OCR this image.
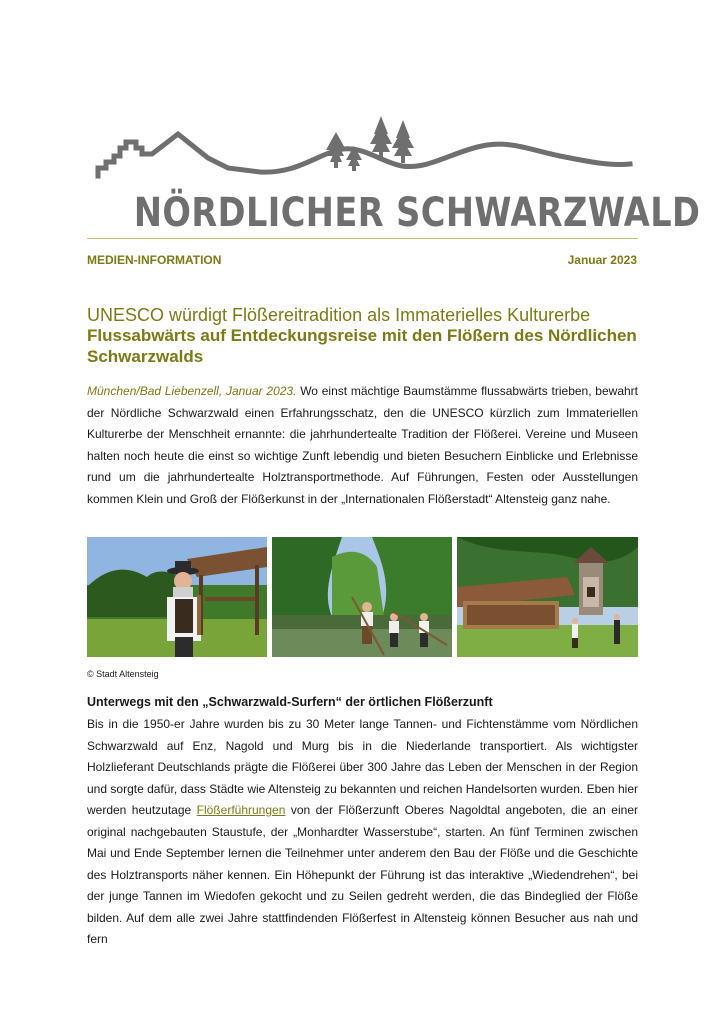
NÖRDLICHER SCHWARZWALD
MEDIEN-INFORMATION	Januar 2023
UNESCO würdigt Flößereitradition als Immaterielles Kulturerbe
Flussabwärts auf Entdeckungsreise mit den Flößern des Nördlichen Schwarzwalds
München/Bad Liebenzell, Januar 2023. Wo einst mächtige Baumstämme flussabwärts trieben, bewahrt der Nördliche Schwarzwald einen Erfahrungsschatz, den die UNESCO kürzlich zum Immateriellen Kulturerbe der Menschheit ernannte: die jahrhundertealte Tradition der Flößerei. Vereine und Museen halten noch heute die einst so wichtige Zunft lebendig und bieten Besuchern Einblicke und Erlebnisse rund um die jahrhundertealte Holztransportmethode. Auf Führungen, Festen oder Ausstellungen kommen Klein und Groß der Flößerkunst in der „Internationalen Flößerstadt“ Altensteig ganz nahe.
© Stadt Altensteig
Unterwegs mit den „Schwarzwald-Surfern“ der örtlichen Flößerzunft
Bis in die 1950-er Jahre wurden bis zu 30 Meter lange Tannen- und Fichtenstämme vom Nördlichen Schwarzwald auf Enz, Nagold und Murg bis in die Niederlande transportiert. Als wichtigster Holzlieferant Deutschlands prägte die Flößerei über 300 Jahre das Leben der Menschen in der Region und sorgte dafür, dass Städte wie Altensteig zu bekannten und reichen Handelsorten wurden. Eben hier werden heutzutage Flößerführungen von der Flößerzunft Oberes Nagoldtal angeboten, die an einer original nachgebauten Staustufe, der „Monhardter Wasserstube“, starten. An fünf Terminen zwischen Mai und Ende September lernen die Teilnehmer unter anderem den Bau der Flöße und die Geschichte des Holztransports näher kennen. Ein Höhepunkt der Führung ist das interaktive „Wiedendrehen“, bei der junge Tannen im Wiedofen gekocht und zu Seilen gedreht werden, die das Bindeglied der Flöße bilden. Auf dem alle zwei Jahre stattfindenden Flößerfest in Altensteig können Besucher aus nah und fern
